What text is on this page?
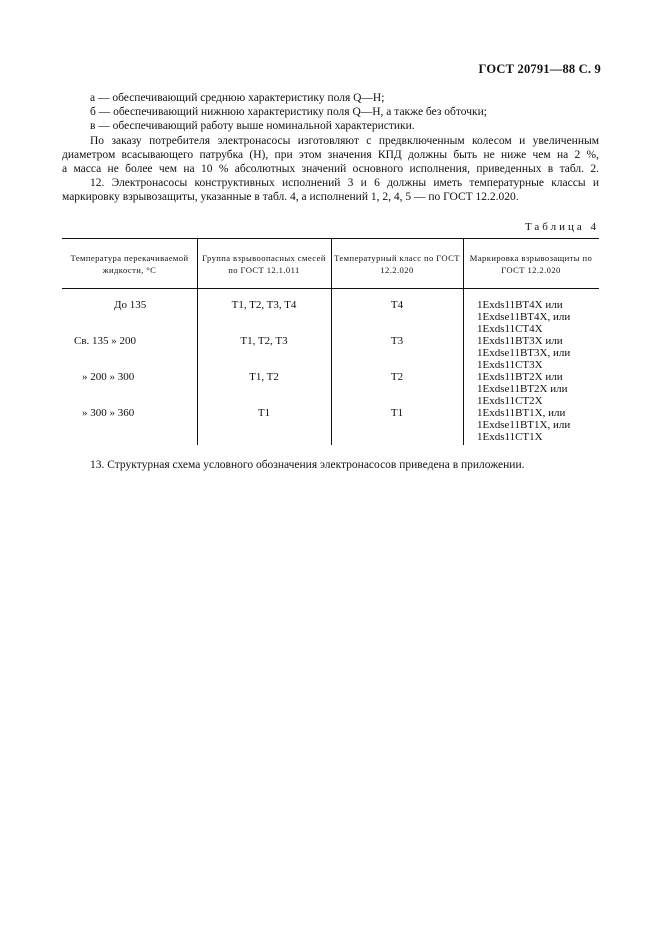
ГОСТ 20791—88 С. 9

а — обеспечивающий среднюю характеристику поля Q—Н;

б — обеспечивающий нижнюю характеристику поля Q—Н, а также без обточки;

в — обеспечивающий работу выше номинальной характеристики.

По заказу потребителя электронасосы изготовляют с предвключенным колесом и увеличенным

диаметром всасывающего патрубка (Н), при этом значения КПД должны быть не ниже чем на 2 %,

а масса не более чем на 10 % абсолютных значений основного исполнения, приведенных в табл. 2.

12. Электронасосы конструктивных исполнений 3 и 6 должны иметь температурные классы и

маркировку взрывозащиты, указанные в табл. 4, а исполнений 1, 2, 4, 5 — по ГОСТ 12.2.020.

Таблица 4
Температура перекачиваемой жидкости, °С
Группа взрывоопасных смесей по ГОСТ 12.1.011
Температурный класс по ГОСТ 12.2.020
Маркировка взрывозащиты по ГОСТ 12.2.020
До 135	T1, T2, T3, T4	T4	1Exds11BT4X или
1Exdse11BT4X, или
1Exds11CT4X
Св. 135 » 200	T1, T2, T3	T3	1Exds11BT3X или
1Exdse11BT3X, или
1Exds11CT3X
» 200 » 300	T1, T2	T2	1Exds11BT2X или
1Exdse11BT2X или
1Exds11CT2X
» 300 » 360	T1	T1	1Exds11BT1X, или
1Exdse11BT1X, или
1Exds11CT1X
13. Структурная схема условного обозначения электронасосов приведена в приложении.
